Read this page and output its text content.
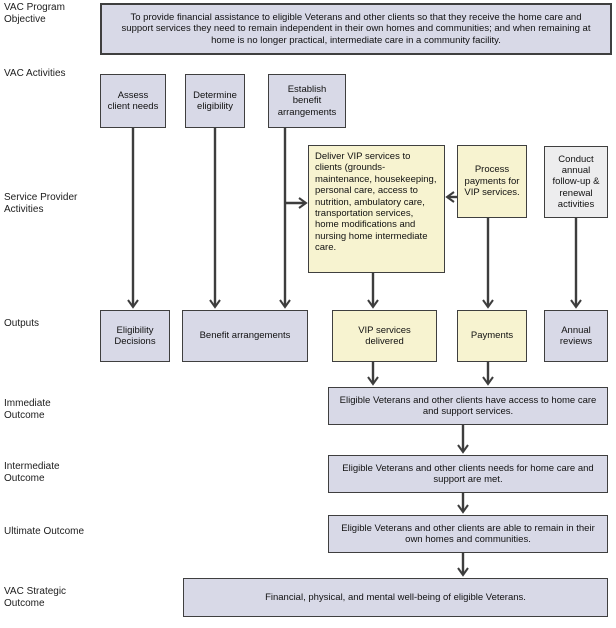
VAC Program Objective
VAC Activities
Service Provider Activities
Outputs
Immediate Outcome
Intermediate Outcome
Ultimate Outcome
VAC Strategic Outcome
To provide financial assistance to eligible Veterans and other clients so that they receive the home care and support services they need to remain independent in their own homes and communities; and when remaining at home is no longer practical, intermediate care in a community facility.
Assess client needs
Determine eligibility
Establish benefit arrangements
Deliver VIP services to clients (grounds-maintenance, housekeeping, personal care, access to nutrition, ambulatory care, transportation services, home modifications and nursing home intermediate care.
Process payments for VIP services.
Conduct annual follow-up & renewal activities
Eligibility Decisions
Benefit arrangements
VIP services delivered
Payments
Annual reviews
Eligible Veterans and other clients have access to home care and support services.
Eligible Veterans and other clients needs for home care and support are met.
Eligible Veterans and other clients are able to remain in their own homes and communities.
Financial, physical, and mental well-being of eligible Veterans.
